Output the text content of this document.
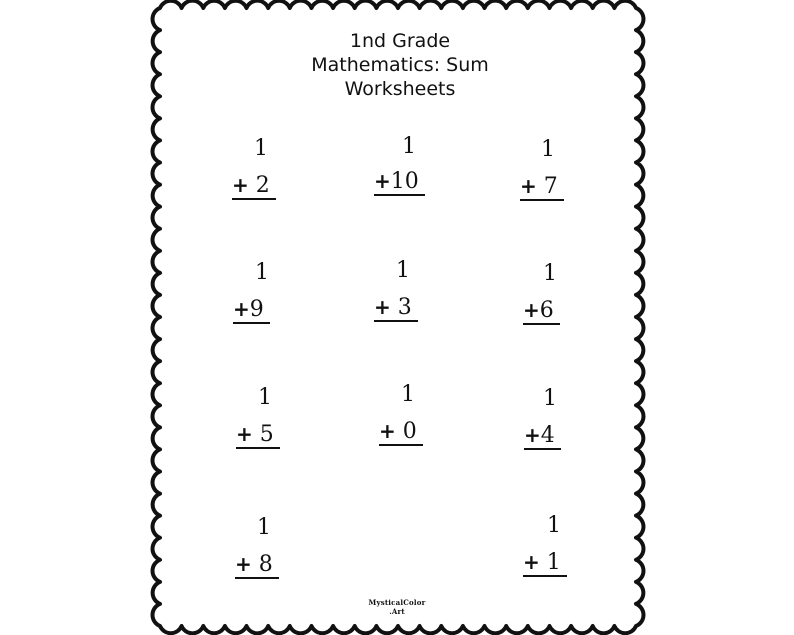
1nd Grade
Mathematics: Sum
Worksheets
1
+ 2
1
+10
1
+ 7
1
+9
1
+ 3
1
+6
1
+ 5
1
+ 0
1
+4
1
+ 8
1
+ 1
MysticalColor
.Art
